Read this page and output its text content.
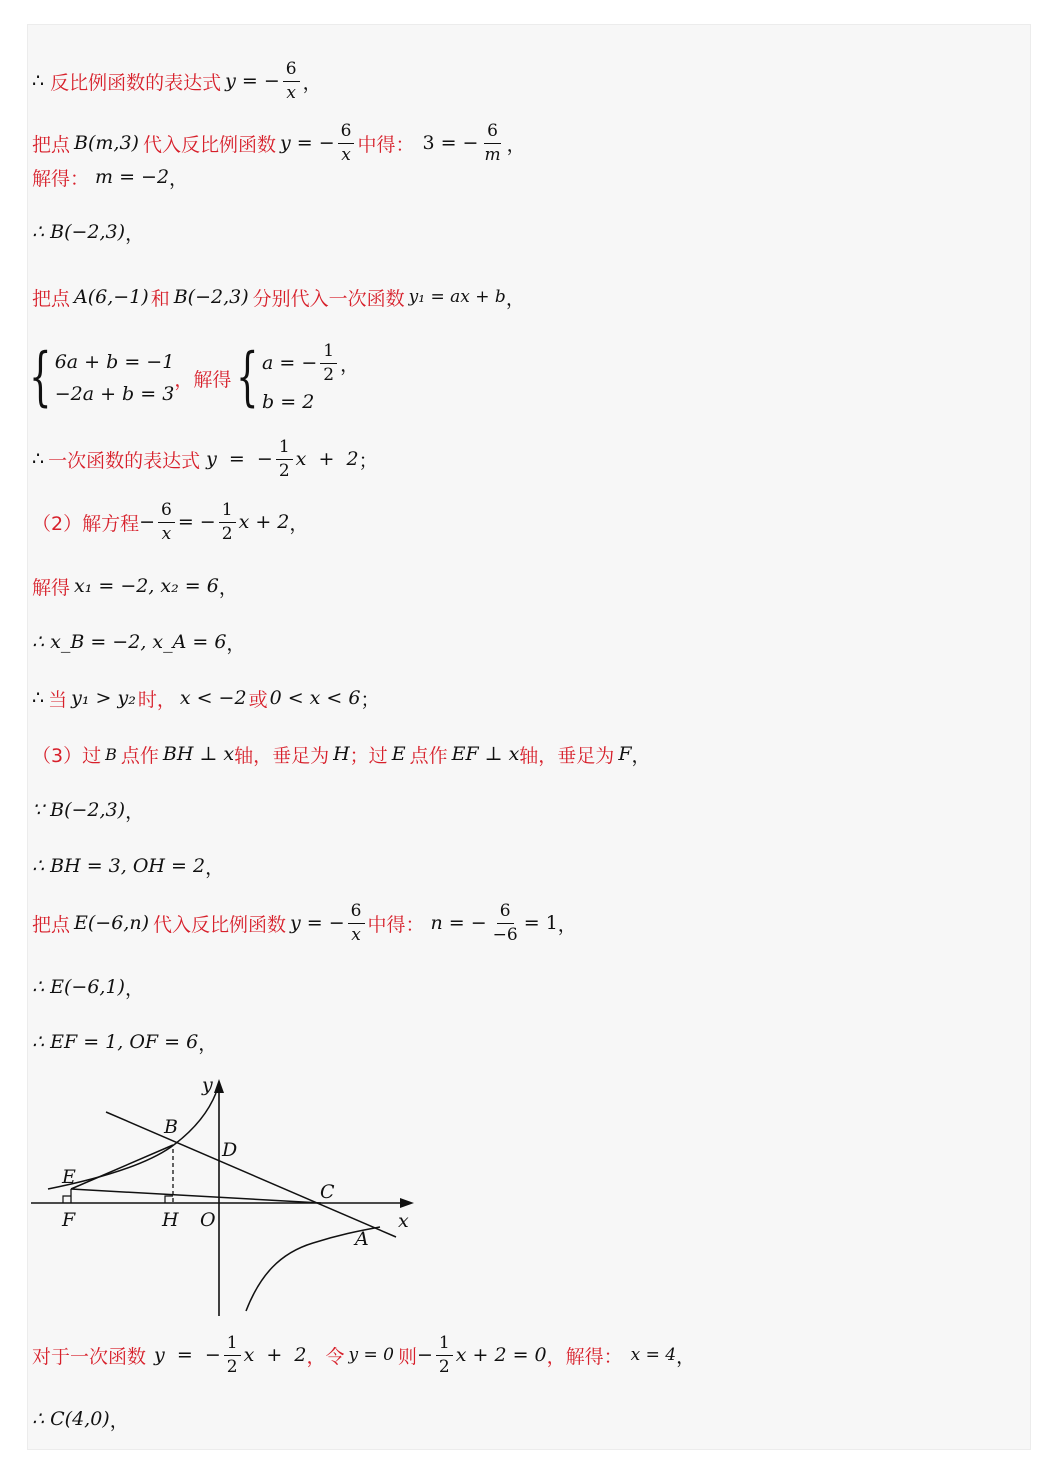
∴ 反比例函数的表达式 y = − $\frac{6}{x}$ ，
把点 B(m,3) 代入反比例函数 y = − $\frac{6}{x}$ 中得： 3 = − $\frac{6}{m}$ ，
解得： m = −2 ，
∴ B(−2,3) ，
把点 A(6,−1) 和 B(−2,3) 分别代入一次函数 y₁ = ax + b ，
{ 6a + b = −1
−2a + b = 3
，解得 { a = − $\frac{1}{2}$ ，
b = 2
∴ 一次函数的表达式 y  =  − $\frac{1}{2}$ x  +  2 ；
（2）解方程 − $\frac{6}{x}$ = − $\frac{1}{2}$ x + 2 ，
解得 x₁ = −2, x₂ = 6 ，
∴ x_B = −2, x_A = 6 ，
∴ 当 y₁ > y₂ 时， x < −2 或 0 < x < 6 ；
（3）过 B 点作 BH ⊥ x 轴，垂足为 H ；过 E 点作 EF ⊥ x 轴，垂足为 F ，
∵ B(−2,3) ，
∴ BH = 3, OH = 2 ，
把点 E(−6,n) 代入反比例函数 y = − $\frac{6}{x}$ 中得： n = − $\frac{6}{-6} = 1$ ，
∴ E(−6,1) ，
∴ EF = 1, OF = 6 ，
y
x
B
D
E
C
F	H O
A
对于一次函数 y  =  − $\frac{1}{2}$ x  +  2 ，令 y = 0 则 − $\frac{1}{2}$ x + 2 = 0 ，解得： x = 4 ，
∴ C(4,0) ，
